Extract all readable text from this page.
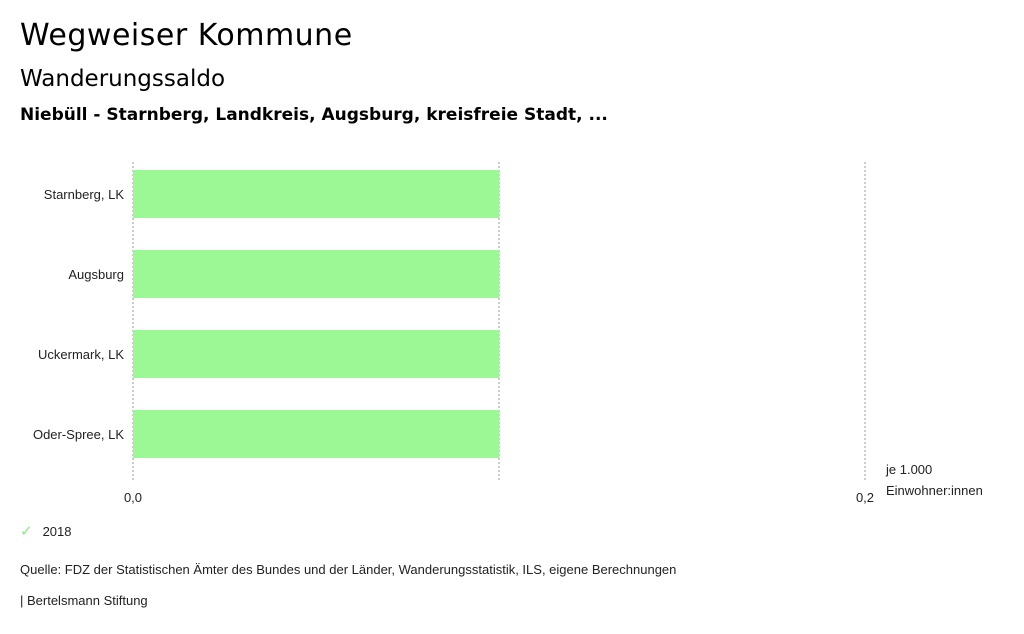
Wegweiser Kommune
Wanderungssaldo
Niebüll - Starnberg, Landkreis, Augsburg, kreisfreie Stadt, ...
Starnberg, LK
Augsburg
Uckermark, LK
Oder-Spree, LK
0,0	0,2
je 1.000
Einwohner:innen
✓ 2018
Quelle: FDZ der Statistischen Ämter des Bundes und der Länder, Wanderungsstatistik, ILS, eigene Berechnungen
| Bertelsmann Stiftung
